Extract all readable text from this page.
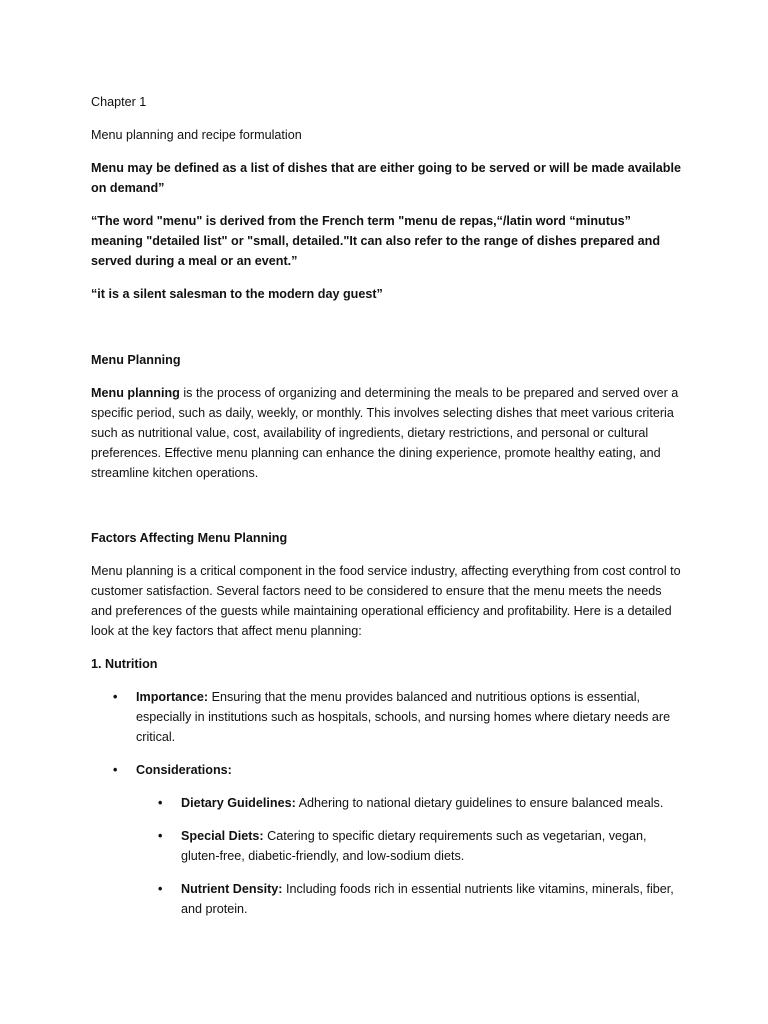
Chapter 1

Menu planning and recipe formulation

Menu may be defined as a list of dishes that are either going to be served or will be made available on demand”

“The word "menu" is derived from the French term "menu de repas,“/latin word “minutus” meaning "detailed list" or "small, detailed."It can also refer to the range of dishes prepared and served during a meal or an event.”

“it is a silent salesman to the modern day guest”

Menu Planning

Menu planning is the process of organizing and determining the meals to be prepared and served over a specific period, such as daily, weekly, or monthly. This involves selecting dishes that meet various criteria such as nutritional value, cost, availability of ingredients, dietary restrictions, and personal or cultural preferences. Effective menu planning can enhance the dining experience, promote healthy eating, and streamline kitchen operations.

Factors Affecting Menu Planning

Menu planning is a critical component in the food service industry, affecting everything from cost control to customer satisfaction. Several factors need to be considered to ensure that the menu meets the needs and preferences of the guests while maintaining operational efficiency and profitability. Here is a detailed look at the key factors that affect menu planning:

1. Nutrition

• Importance: Ensuring that the menu provides balanced and nutritious options is essential, especially in institutions such as hospitals, schools, and nursing homes where dietary needs are critical.
• Considerations:
• Dietary Guidelines: Adhering to national dietary guidelines to ensure balanced meals.
• Special Diets: Catering to specific dietary requirements such as vegetarian, vegan, gluten-free, diabetic-friendly, and low-sodium diets.
• Nutrient Density: Including foods rich in essential nutrients like vitamins, minerals, fiber, and protein.
